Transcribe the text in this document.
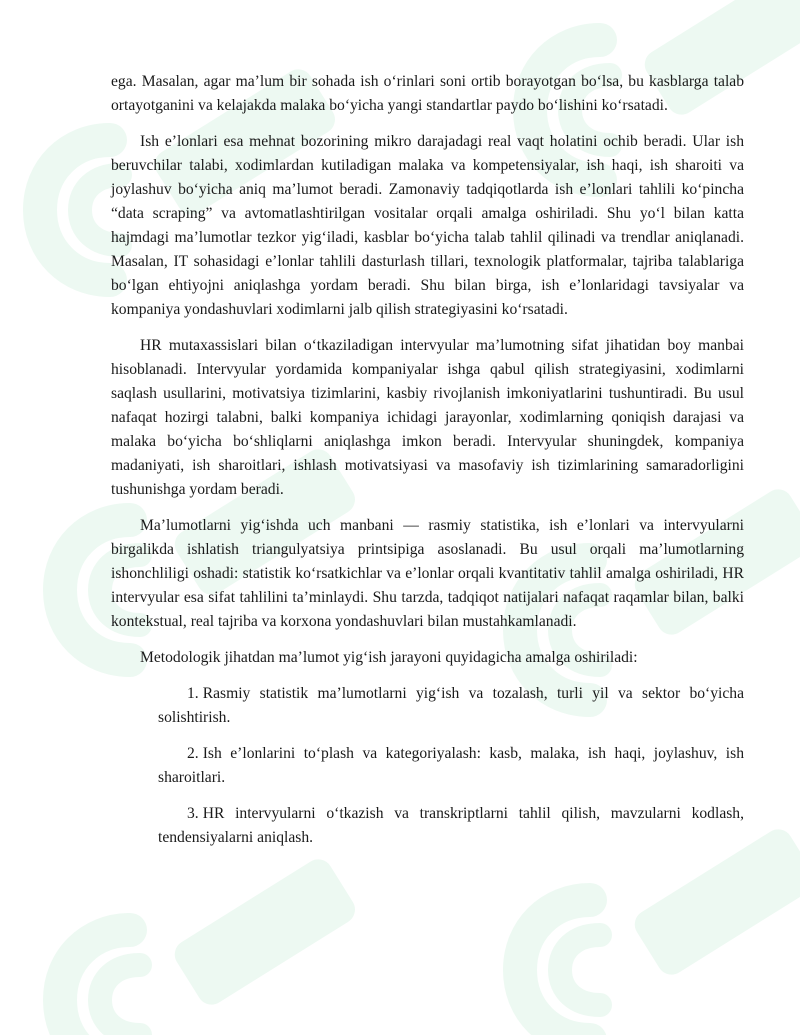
ega. Masalan, agar ma’lum bir sohada ish o‘rinlari soni ortib borayotgan bo‘lsa, bu kasblarga talab ortayotganini va kelajakda malaka bo‘yicha yangi standartlar paydo bo‘lishini ko‘rsatadi.

Ish e’lonlari esa mehnat bozorining mikro darajadagi real vaqt holatini ochib beradi. Ular ish beruvchilar talabi, xodimlardan kutiladigan malaka va kompetensiyalar, ish haqi, ish sharoiti va joylashuv bo‘yicha aniq ma’lumot beradi. Zamonaviy tadqiqotlarda ish e’lonlari tahlili ko‘pincha “data scraping” va avtomatlashtirilgan vositalar orqali amalga oshiriladi. Shu yo‘l bilan katta hajmdagi ma’lumotlar tezkor yig‘iladi, kasblar bo‘yicha talab tahlil qilinadi va trendlar aniqlanadi. Masalan, IT sohasidagi e’lonlar tahlili dasturlash tillari, texnologik platformalar, tajriba talablariga bo‘lgan ehtiyojni aniqlashga yordam beradi. Shu bilan birga, ish e’lonlaridagi tavsiyalar va kompaniya yondashuvlari xodimlarni jalb qilish strategiyasini ko‘rsatadi.

HR mutaxassislari bilan o‘tkaziladigan intervyular ma’lumotning sifat jihatidan boy manbai hisoblanadi. Intervyular yordamida kompaniyalar ishga qabul qilish strategiyasini, xodimlarni saqlash usullarini, motivatsiya tizimlarini, kasbiy rivojlanish imkoniyatlarini tushuntiradi. Bu usul nafaqat hozirgi talabni, balki kompaniya ichidagi jarayonlar, xodimlarning qoniqish darajasi va malaka bo‘yicha bo‘shliqlarni aniqlashga imkon beradi. Intervyular shuningdek, kompaniya madaniyati, ish sharoitlari, ishlash motivatsiyasi va masofaviy ish tizimlarining samaradorligini tushunishga yordam beradi.

Ma’lumotlarni yig‘ishda uch manbani — rasmiy statistika, ish e’lonlari va intervyularni birgalikda ishlatish triangulyatsiya printsipiga asoslanadi. Bu usul orqali ma’lumotlarning ishonchliligi oshadi: statistik ko‘rsatkichlar va e’lonlar orqali kvantitativ tahlil amalga oshiriladi, HR intervyular esa sifat tahlilini ta’minlaydi. Shu tarzda, tadqiqot natijalari nafaqat raqamlar bilan, balki kontekstual, real tajriba va korxona yondashuvlari bilan mustahkamlanadi.

Metodologik jihatdan ma’lumot yig‘ish jarayoni quyidagicha amalga oshiriladi:

1. Rasmiy statistik ma’lumotlarni yig‘ish va tozalash, turli yil va sektor bo‘yicha solishtirish.
2. Ish e’lonlarini to‘plash va kategoriyalash: kasb, malaka, ish haqi, joylashuv, ish sharoitlari.
3. HR intervyularni o‘tkazish va transkriptlarni tahlil qilish, mavzularni kodlash, tendensiyalarni aniqlash.
